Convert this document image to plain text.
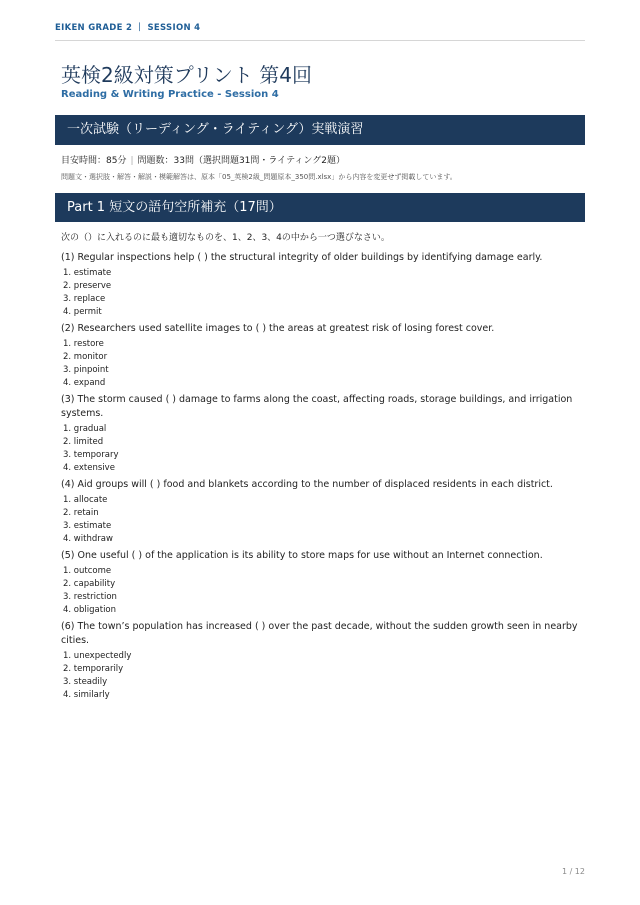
EIKEN GRADE 2 ｜ SESSION 4
英検2級対策プリント 第4回
Reading & Writing Practice - Session 4
一次試験（リーディング・ライティング）実戦演習
目安時間：85分 | 問題数：33問（選択問題31問・ライティング2題）
問題文・選択肢・解答・解説・模範解答は、原本「05_英検2級_問題原本_350問.xlsx」から内容を変更せず掲載しています。
Part 1 短文の語句空所補充（17問）
次の（）に入れるのに最も適切なものを、1、2、3、4の中から一つ選びなさい。

(1) Regular inspections help ( ) the structural integrity of older buildings by identifying damage early.

1. estimate
2. preserve
3. replace
4. permit

(2) Researchers used satellite images to ( ) the areas at greatest risk of losing forest cover.

1. restore
2. monitor
3. pinpoint
4. expand

(3) The storm caused ( ) damage to farms along the coast, affecting roads, storage buildings, and irrigation systems.

1. gradual
2. limited
3. temporary
4. extensive

(4) Aid groups will ( ) food and blankets according to the number of displaced residents in each district.

1. allocate
2. retain
3. estimate
4. withdraw

(5) One useful ( ) of the application is its ability to store maps for use without an Internet connection.

1. outcome
2. capability
3. restriction
4. obligation

(6) The town’s population has increased ( ) over the past decade, without the sudden growth seen in nearby cities.

1. unexpectedly
2. temporarily
3. steadily
4. similarly
1 / 12
